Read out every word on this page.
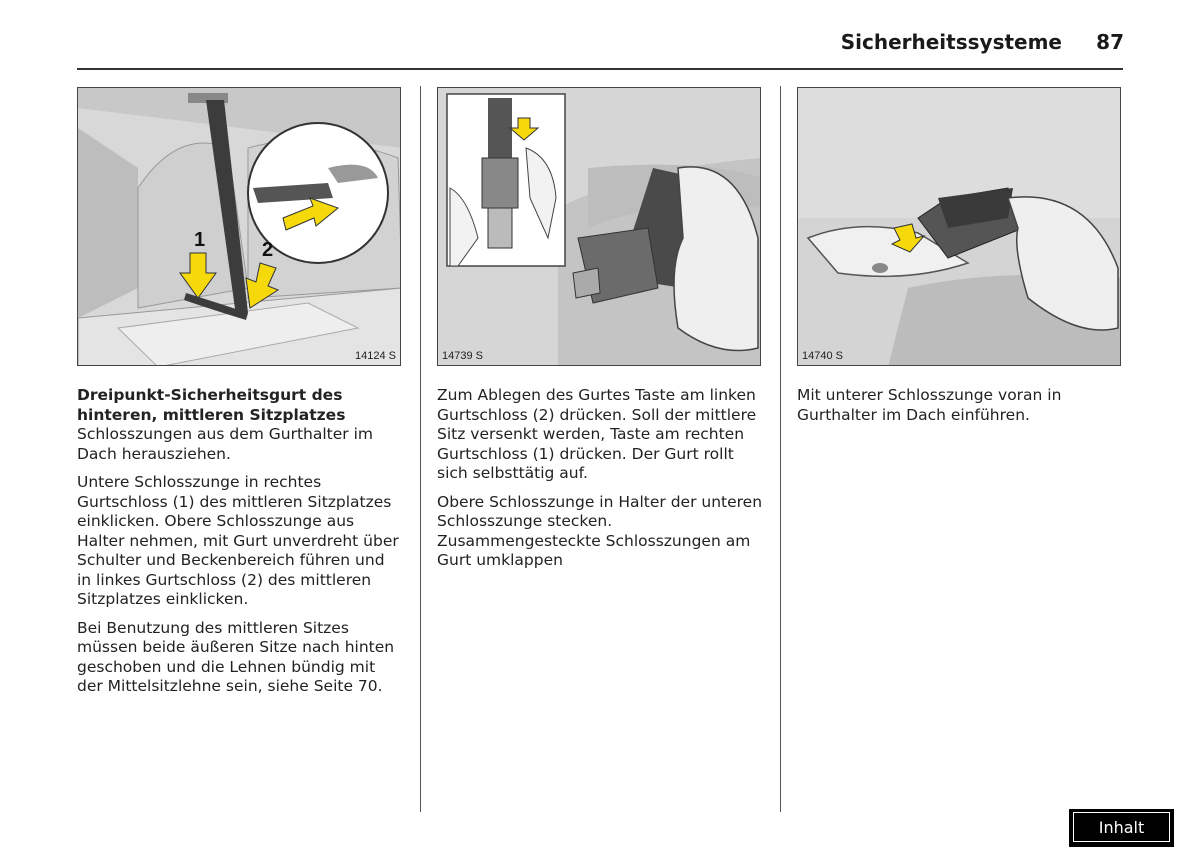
Sicherheitssysteme 87
1	2
14124 S	14739 S	14740 S
Dreipunkt-Sicherheitsgurt des hinteren, mittleren Sitzplatzes

Schlosszungen aus dem Gurthalter im Dach herausziehen.

Untere Schlosszunge in rechtes Gurtschloss (1) des mittleren Sitzplatzes einklicken. Obere Schlosszunge aus Halter nehmen, mit Gurt unverdreht über Schulter und Beckenbereich führen und in linkes Gurtschloss (2) des mittleren Sitzplatzes einklicken.

Bei Benutzung des mittleren Sitzes müssen beide äußeren Sitze nach hinten geschoben und die Lehnen bündig mit der Mittelsitzlehne sein, siehe Seite 70.

Zum Ablegen des Gurtes Taste am linken Gurtschloss (2) drücken. Soll der mittlere Sitz versenkt werden, Taste am rechten Gurtschloss (1) drücken. Der Gurt rollt sich selbsttätig auf.

Obere Schlosszunge in Halter der unteren Schlosszunge stecken. Zusammengesteckte Schlosszungen am Gurt umklappen

Mit unterer Schlosszunge voran in Gurthalter im Dach einführen.

Inhalt
